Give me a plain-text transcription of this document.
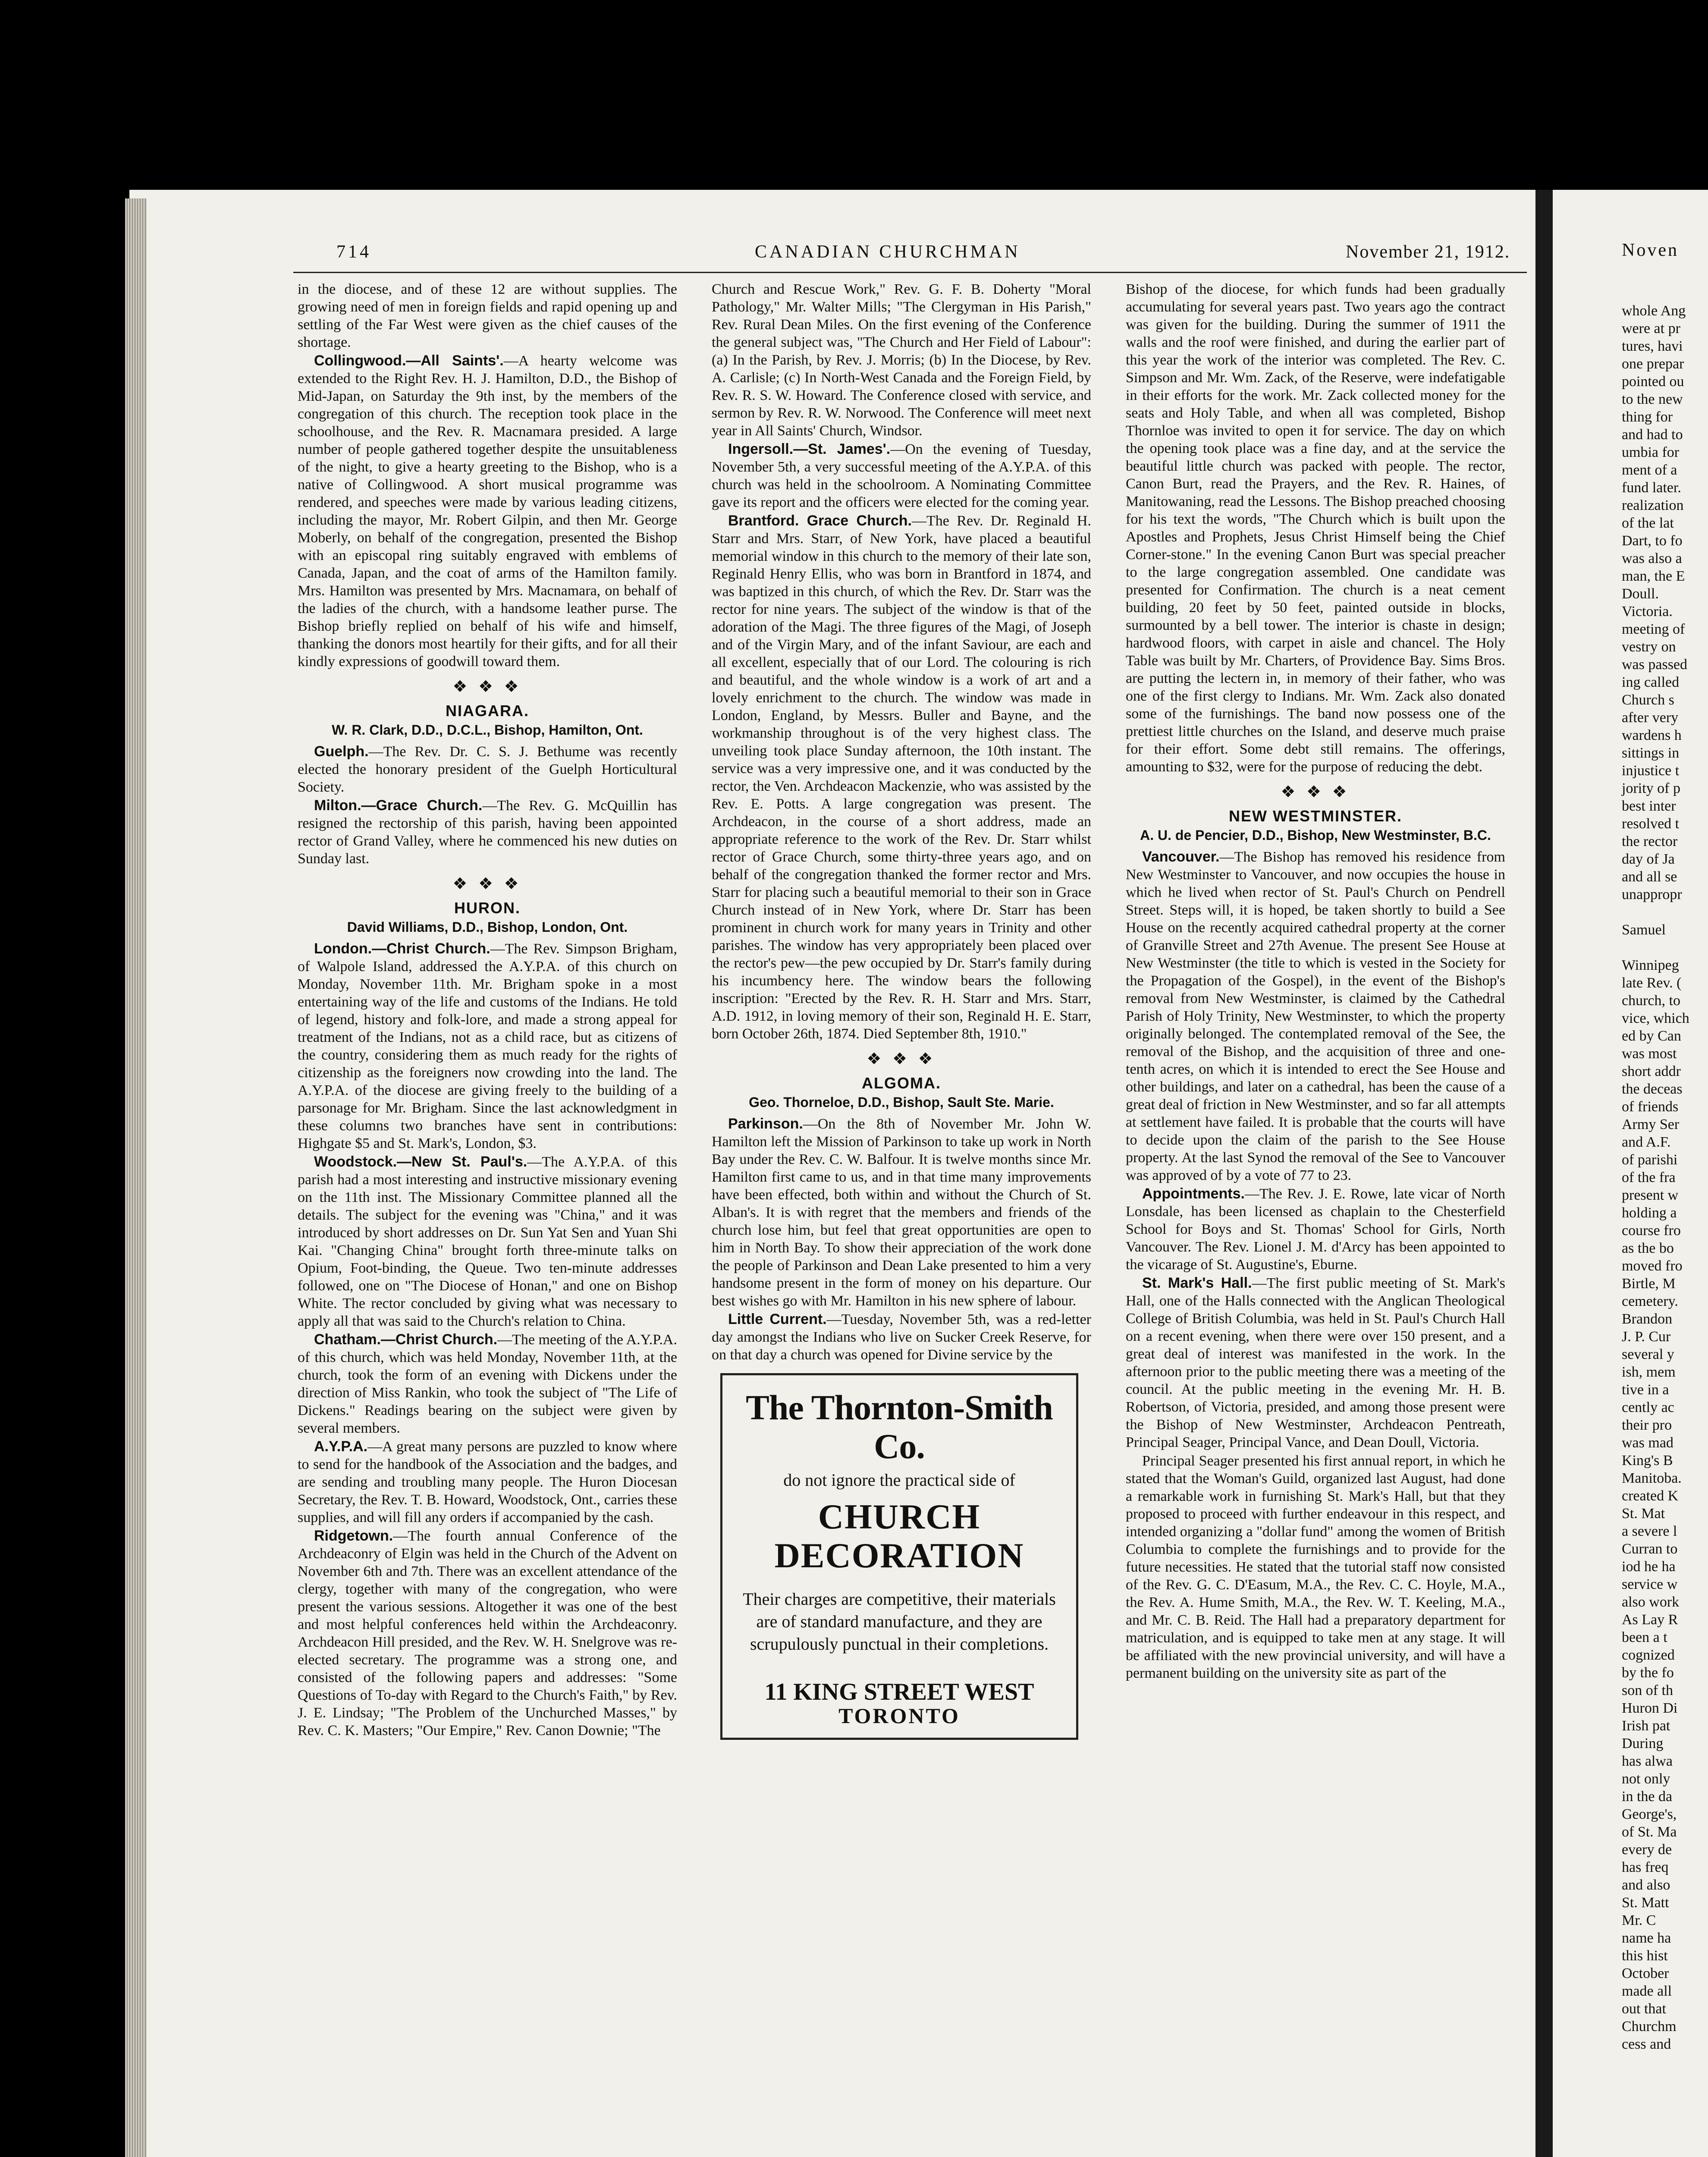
714	CANADIAN CHURCHMAN	November 21, 1912.

in the diocese, and of these 12 are without supplies. The growing need of men in foreign fields and rapid opening up and settling of the Far West were given as the chief causes of the shortage.

Collingwood.—All Saints'.—A hearty welcome was extended to the Right Rev. H. J. Hamilton, D.D., the Bishop of Mid-Japan, on Saturday the 9th inst, by the members of the congregation of this church. The reception took place in the schoolhouse, and the Rev. R. Macnamara presided. A large number of people gathered together despite the unsuitableness of the night, to give a hearty greeting to the Bishop, who is a native of Collingwood. A short musical programme was rendered, and speeches were made by various leading citizens, including the mayor, Mr. Robert Gilpin, and then Mr. George Moberly, on behalf of the congregation, presented the Bishop with an episcopal ring suitably engraved with emblems of Canada, Japan, and the coat of arms of the Hamilton family. Mrs. Hamilton was presented by Mrs. Macnamara, on behalf of the ladies of the church, with a handsome leather purse. The Bishop briefly replied on behalf of his wife and himself, thanking the donors most heartily for their gifts, and for all their kindly expressions of goodwill toward them.

❖ ❖ ❖
NIAGARA.
W. R. Clark, D.D., D.C.L., Bishop, Hamilton, Ont.

Guelph.—The Rev. Dr. C. S. J. Bethume was recently elected the honorary president of the Guelph Horticultural Society.

Milton.—Grace Church.—The Rev. G. McQuillin has resigned the rectorship of this parish, having been appointed rector of Grand Valley, where he commenced his new duties on Sunday last.

❖ ❖ ❖
HURON.
David Williams, D.D., Bishop, London, Ont.

London.—Christ Church.—The Rev. Simpson Brigham, of Walpole Island, addressed the A.Y.P.A. of this church on Monday, November 11th. Mr. Brigham spoke in a most entertaining way of the life and customs of the Indians. He told of legend, history and folk-lore, and made a strong appeal for treatment of the Indians, not as a child race, but as citizens of the country, considering them as much ready for the rights of citizenship as the foreigners now crowding into the land. The A.Y.P.A. of the diocese are giving freely to the building of a parsonage for Mr. Brigham. Since the last acknowledgment in these columns two branches have sent in contributions: Highgate $5 and St. Mark's, London, $3.

Woodstock.—New St. Paul's.—The A.Y.P.A. of this parish had a most interesting and instructive missionary evening on the 11th inst. The Missionary Committee planned all the details. The subject for the evening was "China," and it was introduced by short addresses on Dr. Sun Yat Sen and Yuan Shi Kai. "Changing China" brought forth three-minute talks on Opium, Foot-binding, the Queue. Two ten-minute addresses followed, one on "The Diocese of Honan," and one on Bishop White. The rector concluded by giving what was necessary to apply all that was said to the Church's relation to China.

Chatham.—Christ Church.—The meeting of the A.Y.P.A. of this church, which was held Monday, November 11th, at the church, took the form of an evening with Dickens under the direction of Miss Rankin, who took the subject of "The Life of Dickens." Readings bearing on the subject were given by several members.

A.Y.P.A.—A great many persons are puzzled to know where to send for the handbook of the Association and the badges, and are sending and troubling many people. The Huron Diocesan Secretary, the Rev. T. B. Howard, Woodstock, Ont., carries these supplies, and will fill any orders if accompanied by the cash.

Ridgetown.—The fourth annual Conference of the Archdeaconry of Elgin was held in the Church of the Advent on November 6th and 7th. There was an excellent attendance of the clergy, together with many of the congregation, who were present the various sessions. Altogether it was one of the best and most helpful conferences held within the Archdeaconry. Archdeacon Hill presided, and the Rev. W. H. Snelgrove was re-elected secretary. The programme was a strong one, and consisted of the following papers and addresses: "Some Questions of To-day with Regard to the Church's Faith," by Rev. J. E. Lindsay; "The Problem of the Unchurched Masses," by Rev. C. K. Masters; "Our Empire," Rev. Canon Downie; "The

Church and Rescue Work," Rev. G. F. B. Doherty "Moral Pathology," Mr. Walter Mills; "The Clergyman in His Parish," Rev. Rural Dean Miles. On the first evening of the Conference the general subject was, "The Church and Her Field of Labour": (a) In the Parish, by Rev. J. Morris; (b) In the Diocese, by Rev. A. Carlisle; (c) In North-West Canada and the Foreign Field, by Rev. R. S. W. Howard. The Conference closed with service, and sermon by Rev. R. W. Norwood. The Conference will meet next year in All Saints' Church, Windsor.

Ingersoll.—St. James'.—On the evening of Tuesday, November 5th, a very successful meeting of the A.Y.P.A. of this church was held in the schoolroom. A Nominating Committee gave its report and the officers were elected for the coming year.

Brantford. Grace Church.—The Rev. Dr. Reginald H. Starr and Mrs. Starr, of New York, have placed a beautiful memorial window in this church to the memory of their late son, Reginald Henry Ellis, who was born in Brantford in 1874, and was baptized in this church, of which the Rev. Dr. Starr was the rector for nine years. The subject of the window is that of the adoration of the Magi. The three figures of the Magi, of Joseph and of the Virgin Mary, and of the infant Saviour, are each and all excellent, especially that of our Lord. The colouring is rich and beautiful, and the whole window is a work of art and a lovely enrichment to the church. The window was made in London, England, by Messrs. Buller and Bayne, and the workmanship throughout is of the very highest class. The unveiling took place Sunday afternoon, the 10th instant. The service was a very impressive one, and it was conducted by the rector, the Ven. Archdeacon Mackenzie, who was assisted by the Rev. E. Potts. A large congregation was present. The Archdeacon, in the course of a short address, made an appropriate reference to the work of the Rev. Dr. Starr whilst rector of Grace Church, some thirty-three years ago, and on behalf of the congregation thanked the former rector and Mrs. Starr for placing such a beautiful memorial to their son in Grace Church instead of in New York, where Dr. Starr has been prominent in church work for many years in Trinity and other parishes. The window has very appropriately been placed over the rector's pew—the pew occupied by Dr. Starr's family during his incumbency here. The window bears the following inscription: "Erected by the Rev. R. H. Starr and Mrs. Starr, A.D. 1912, in loving memory of their son, Reginald H. E. Starr, born October 26th, 1874. Died September 8th, 1910."

❖ ❖ ❖
ALGOMA.
Geo. Thorneloe, D.D., Bishop, Sault Ste. Marie.

Parkinson.—On the 8th of November Mr. John W. Hamilton left the Mission of Parkinson to take up work in North Bay under the Rev. C. W. Balfour. It is twelve months since Mr. Hamilton first came to us, and in that time many improvements have been effected, both within and without the Church of St. Alban's. It is with regret that the members and friends of the church lose him, but feel that great opportunities are open to him in North Bay. To show their appreciation of the work done the people of Parkinson and Dean Lake presented to him a very handsome present in the form of money on his departure. Our best wishes go with Mr. Hamilton in his new sphere of labour.

Little Current.—Tuesday, November 5th, was a red-letter day amongst the Indians who live on Sucker Creek Reserve, for on that day a church was opened for Divine service by the

The Thornton-Smith Co.
do not ignore the practical side of
CHURCH DECORATION
Their charges are competitive, their materials are of standard manufacture, and they are scrupulously punctual in their completions.
11 KING STREET WEST
TORONTO

Bishop of the diocese, for which funds had been gradually accumulating for several years past. Two years ago the contract was given for the building. During the summer of 1911 the walls and the roof were finished, and during the earlier part of this year the work of the interior was completed. The Rev. C. Simpson and Mr. Wm. Zack, of the Reserve, were indefatigable in their efforts for the work. Mr. Zack collected money for the seats and Holy Table, and when all was completed, Bishop Thornloe was invited to open it for service. The day on which the opening took place was a fine day, and at the service the beautiful little church was packed with people. The rector, Canon Burt, read the Prayers, and the Rev. R. Haines, of Manitowaning, read the Lessons. The Bishop preached choosing for his text the words, "The Church which is built upon the Apostles and Prophets, Jesus Christ Himself being the Chief Corner-stone." In the evening Canon Burt was special preacher to the large congregation assembled. One candidate was presented for Confirmation. The church is a neat cement building, 20 feet by 50 feet, painted outside in blocks, surmounted by a bell tower. The interior is chaste in design; hardwood floors, with carpet in aisle and chancel. The Holy Table was built by Mr. Charters, of Providence Bay. Sims Bros. are putting the lectern in, in memory of their father, who was one of the first clergy to Indians. Mr. Wm. Zack also donated some of the furnishings. The band now possess one of the prettiest little churches on the Island, and deserve much praise for their effort. Some debt still remains. The offerings, amounting to $32, were for the purpose of reducing the debt.

❖ ❖ ❖
NEW WESTMINSTER.
A. U. de Pencier, D.D., Bishop, New Westminster, B.C.

Vancouver.—The Bishop has removed his residence from New Westminster to Vancouver, and now occupies the house in which he lived when rector of St. Paul's Church on Pendrell Street. Steps will, it is hoped, be taken shortly to build a See House on the recently acquired cathedral property at the corner of Granville Street and 27th Avenue. The present See House at New Westminster (the title to which is vested in the Society for the Propagation of the Gospel), in the event of the Bishop's removal from New Westminster, is claimed by the Cathedral Parish of Holy Trinity, New Westminster, to which the property originally belonged. The contemplated removal of the See, the removal of the Bishop, and the acquisition of three and one-tenth acres, on which it is intended to erect the See House and other buildings, and later on a cathedral, has been the cause of a great deal of friction in New Westminster, and so far all attempts at settlement have failed. It is probable that the courts will have to decide upon the claim of the parish to the See House property. At the last Synod the removal of the See to Vancouver was approved of by a vote of 77 to 23.

Appointments.—The Rev. J. E. Rowe, late vicar of North Lonsdale, has been licensed as chaplain to the Chesterfield School for Boys and St. Thomas' School for Girls, North Vancouver. The Rev. Lionel J. M. d'Arcy has been appointed to the vicarage of St. Augustine's, Eburne.

St. Mark's Hall.—The first public meeting of St. Mark's Hall, one of the Halls connected with the Anglican Theological College of British Columbia, was held in St. Paul's Church Hall on a recent evening, when there were over 150 present, and a great deal of interest was manifested in the work. In the afternoon prior to the public meeting there was a meeting of the council. At the public meeting in the evening Mr. H. B. Robertson, of Victoria, presided, and among those present were the Bishop of New Westminster, Archdeacon Pentreath, Principal Seager, Principal Vance, and Dean Doull, Victoria.

Principal Seager presented his first annual report, in which he stated that the Woman's Guild, organized last August, had done a remarkable work in furnishing St. Mark's Hall, but that they proposed to proceed with further endeavour in this respect, and intended organizing a "dollar fund" among the women of British Columbia to complete the furnishings and to provide for the future necessities. He stated that the tutorial staff now consisted of the Rev. G. C. D'Easum, M.A., the Rev. C. C. Hoyle, M.A., the Rev. A. Hume Smith, M.A., the Rev. W. T. Keeling, M.A., and Mr. C. B. Reid. The Hall had a preparatory department for matriculation, and is equipped to take men at any stage. It will be affiliated with the new provincial university, and will have a permanent building on the university site as part of the

Noven
whole Ang
were at pr
tures, havi
one prepar
pointed ou
to the new
thing for
and had to
umbia for
ment of a
fund later.
realization
of the lat
Dart, to fo
was also a
man, the E
Doull.
Victoria.
meeting of
vestry on
was passed
ing called
Church s
after very
wardens h
sittings in
injustice t
jority of p
best inter
resolved t
the rector
day of Ja
and all se
unappropr

Samuel

Winnipeg
late Rev. (
church, to
vice, which
ed by Can
was most
short addr
the deceas
of friends
Army Ser
and A.F.
of parishi
of the fra
present w
holding a
course fro
as the bo
moved fro
Birtle, M
cemetery.
Brandon
J. P. Cur
several y
ish, mem
tive in a
cently ac
their pro
was mad
King's B
Manitoba.
created K
St. Mat
a severe l
Curran to
iod he ha
service w
also work
As Lay R
been a t
cognized
by the fo
son of th
Huron Di
Irish pat
During
has alwa
not only
in the da
George's,
of St. Ma
every de
has freq
and also
St. Matt
Mr. C
name ha
this hist
October
made all
out that
Churchm
cess and
